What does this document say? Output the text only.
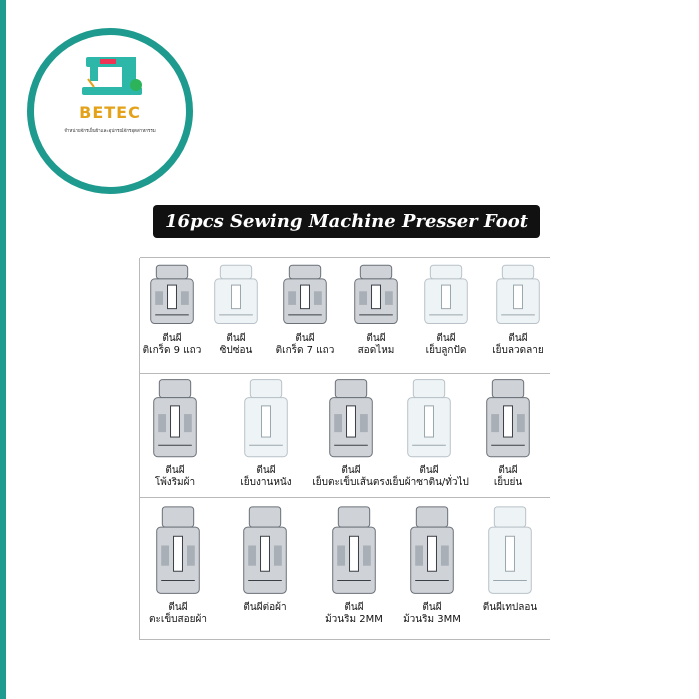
BETEC
จำหน่ายจักรเย็บผ้าและอุปกรณ์จักรอุตสาหกรรม
16pcs Sewing Machine Presser Foot
ตีนผี
ติเกร็ด 9 แถว
ตีนผี
ซิปซ่อน
ตีนผี
ติเกร็ด 7 แถว
ตีนผี
สอดไหม
ตีนผี
เย็บลูกปัด
ตีนผี
เย็บลวดลาย
ตีนผี
โพ้งริมผ้า
ตีนผี
เย็บงานหนัง
ตีนผี
เย็บตะเข็บเส้นตรง
ตีนผี
เย็บผ้าซาติน/ทั่วไป
ตีนผี
เย็บย่น
ตีนผี
ตะเข็บสอยผ้า
ตีนผีต่อผ้า	ตีนผี
ม้วนริม 2MM
ตีนผี
ม้วนริม 3MM
ตีนผีเทปลอน
